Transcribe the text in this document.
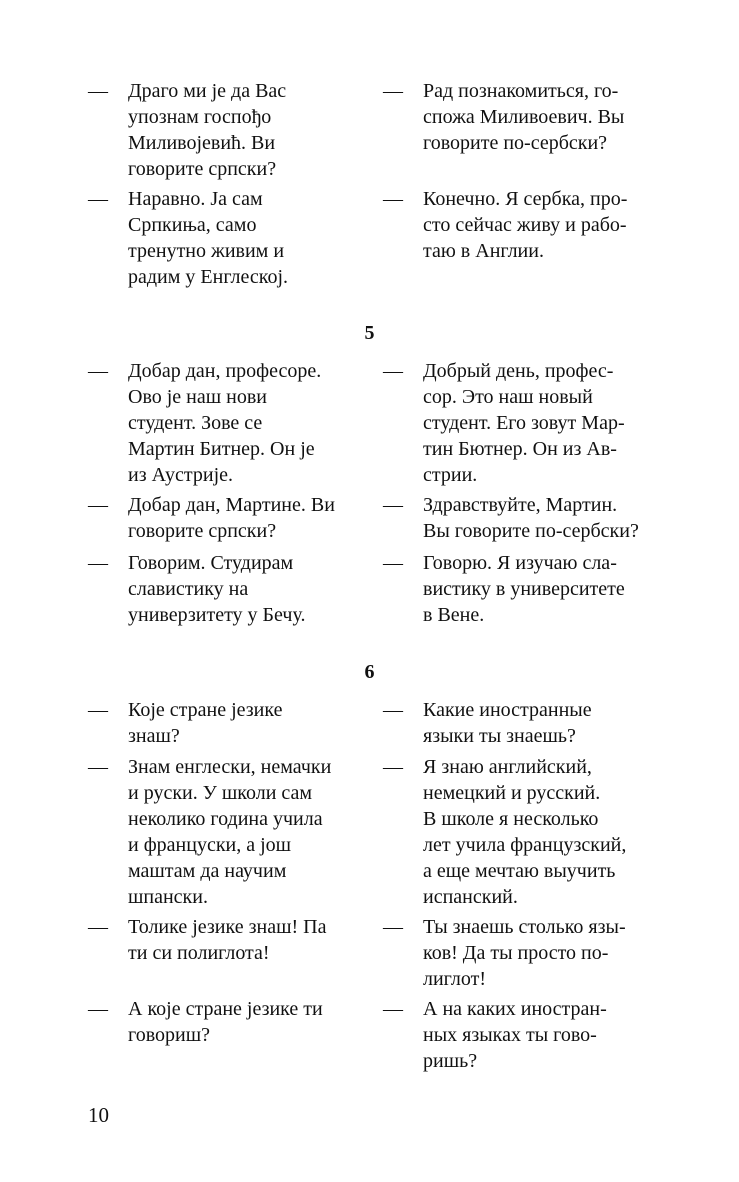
— Драго ми је да Вас
упознам госпођо
Миливојевић. Ви
говорите српски?
— Рад познакомиться, го-
спожа Миливоевич. Вы
говорите по-сербски?
— Наравно. Ја сам
Српкиња, само
тренутно живим и
радим у Енглеској.
— Конечно. Я сербка, про-
сто сейчас живу и рабо-
таю в Англии.
5
— Добар дан, професоре.
Ово је наш нови
студент. Зове се
Мартин Битнер. Он је
из Аустрије.
— Добрый день, профес-
сор. Это наш новый
студент. Его зовут Мар-
тин Бютнер. Он из Ав-
стрии.
— Добар дан, Мартине. Ви
говорите српски?
— Здравствуйте, Мартин.
Вы говорите по-сербски?
— Говорим. Студирам
славистику на
универзитету у Бечу.
— Говорю. Я изучаю сла-
вистику в университете
в Вене.
6
— Које стране језике
знаш?
— Какие иностранные
языки ты знаешь?
— Знам енглески, немачки
и руски. У школи сам
неколико година учила
и француски, а још
маштам да научим
шпански.
— Я знаю английский,
немецкий и русский.
В школе я несколько
лет учила французский,
а еще мечтаю выучить
испанский.
— Толике језике знаш! Па
ти си полиглота!
— Ты знаешь столько язы-
ков! Да ты просто по-
лиглот!
— А које стране језике ти
говориш?
— А на каких иностран-
ных языках ты гово-
ришь?
10
